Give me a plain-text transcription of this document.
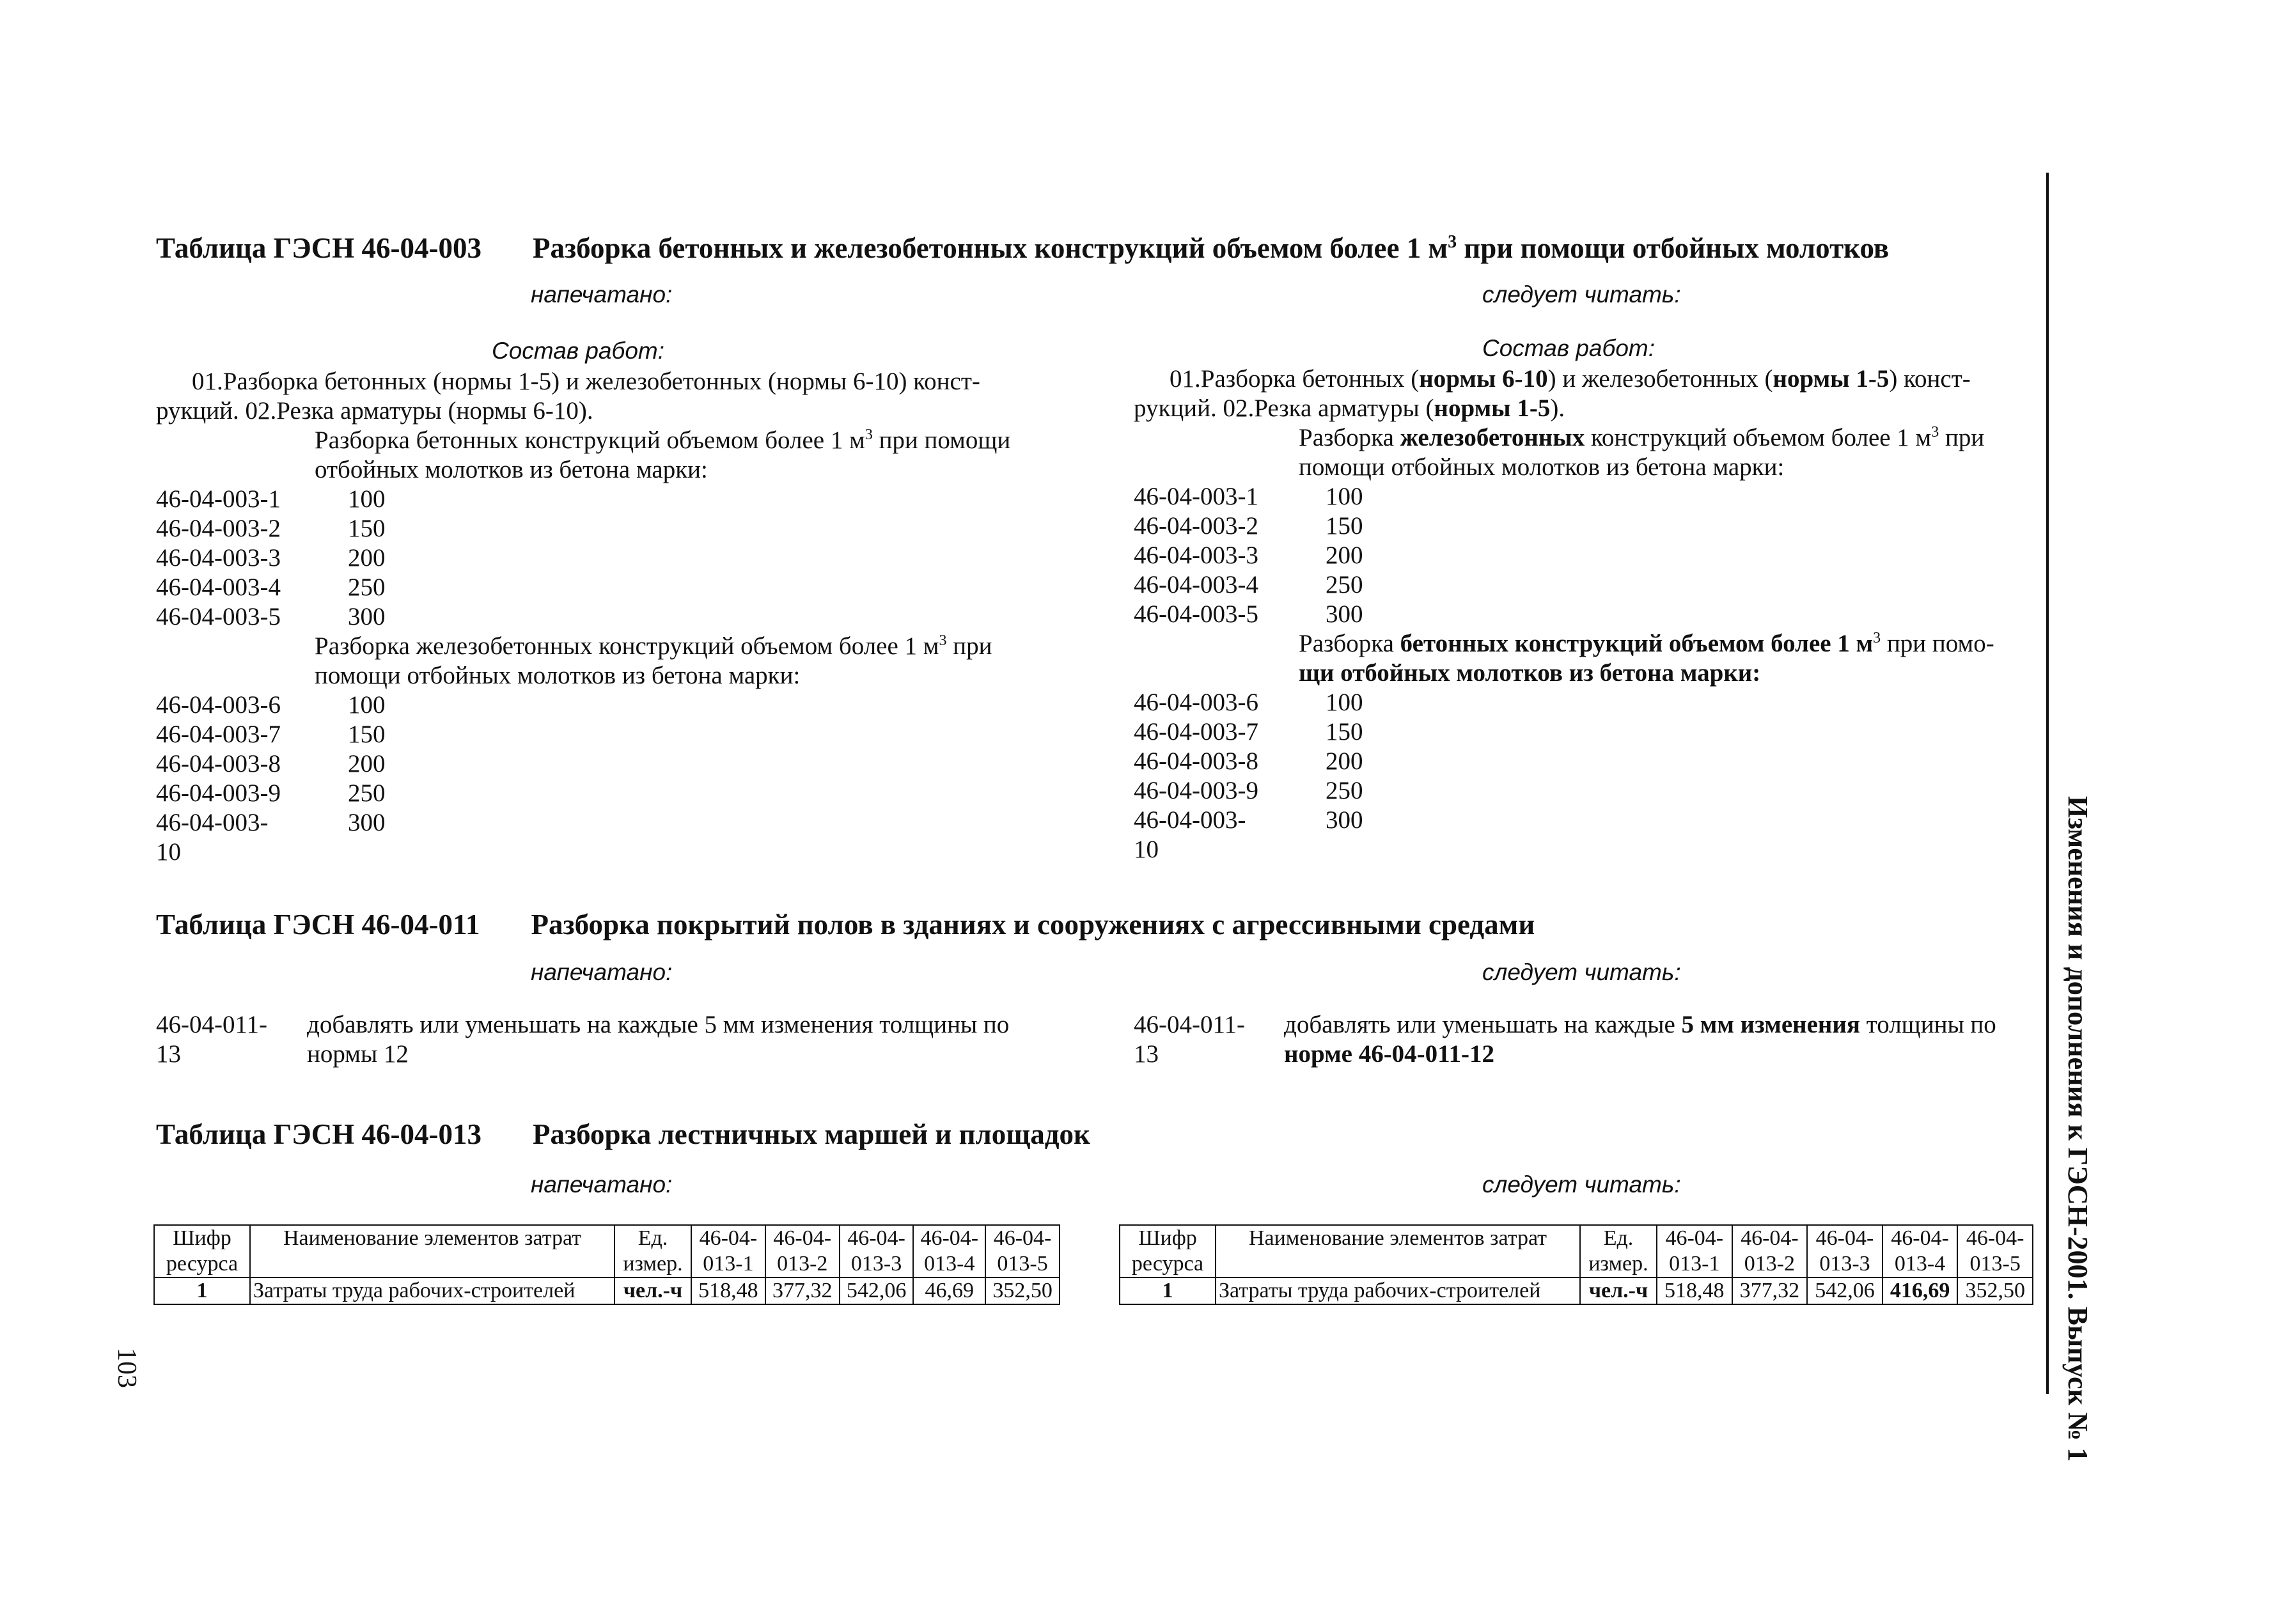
Таблица ГЭСН 46-04-003 Разборка бетонных и железобетонных конструкций объемом более 1 $м^3$ при помощи отбойных молотков
напечатано:	следует читать:
Состав работ:
01.Разборка бетонных (нормы 1-5) и железобетонных (нормы 6-10) конст-
рукций. 02.Резка арматуры (нормы 6-10).
Разборка бетонных конструкций объемом более 1 $м^3$ при помощи
отбойных молотков из бетона марки:
46-04-003-1	100
46-04-003-2	150
46-04-003-3	200
46-04-003-4	250
46-04-003-5	300
Разборка железобетонных конструкций объемом более 1 $м^3$ при
помощи отбойных молотков из бетона марки:
46-04-003-6	100
46-04-003-7	150
46-04-003-8	200
46-04-003-9	250
46-04-003-	300
10
Состав работ:
01.Разборка бетонных (нормы 6-10) и железобетонных (нормы 1-5) конст-
рукций. 02.Резка арматуры (нормы 1-5).
Разборка железобетонных конструкций объемом более 1 $м^3$ при
помощи отбойных молотков из бетона марки:
46-04-003-1	100
46-04-003-2	150
46-04-003-3	200
46-04-003-4	250
46-04-003-5	300
Разборка бетонных конструкций объемом более 1 $м^3$ при помо-
щи отбойных молотков из бетона марки:
46-04-003-6	100
46-04-003-7	150
46-04-003-8	200
46-04-003-9	250
46-04-003-	300
10
Таблица ГЭСН 46-04-011 Разборка покрытий полов в зданиях и сооружениях с агрессивными средами
напечатано:	следует читать:
46-04-011-
13
добавлять или уменьшать на каждые 5 мм изменения толщины по
нормы 12
46-04-011-
13
добавлять или уменьшать на каждые 5 мм изменения толщины по
норме 46-04-011-12
Таблица ГЭСН 46-04-013 Разборка лестничных маршей и площадок
напечатано:	следует читать:
Шифр
ресурса	Наименование элементов затрат	Ед.
измер.	46-04-
013-1	46-04-
013-2	46-04-
013-3	46-04-
013-4	46-04-
013-5
1	Затраты труда рабочих-строителей	чел.-ч	518,48	377,32	542,06	46,69	352,50
Шифр
ресурса	Наименование элементов затрат	Ед.
измер.	46-04-
013-1	46-04-
013-2	46-04-
013-3	46-04-
013-4	46-04-
013-5
1	Затраты труда рабочих-строителей	чел.-ч	518,48	377,32	542,06	416,69	352,50 Изменения и дополнения к ГЭСН-2001. Выпуск № 1
103
